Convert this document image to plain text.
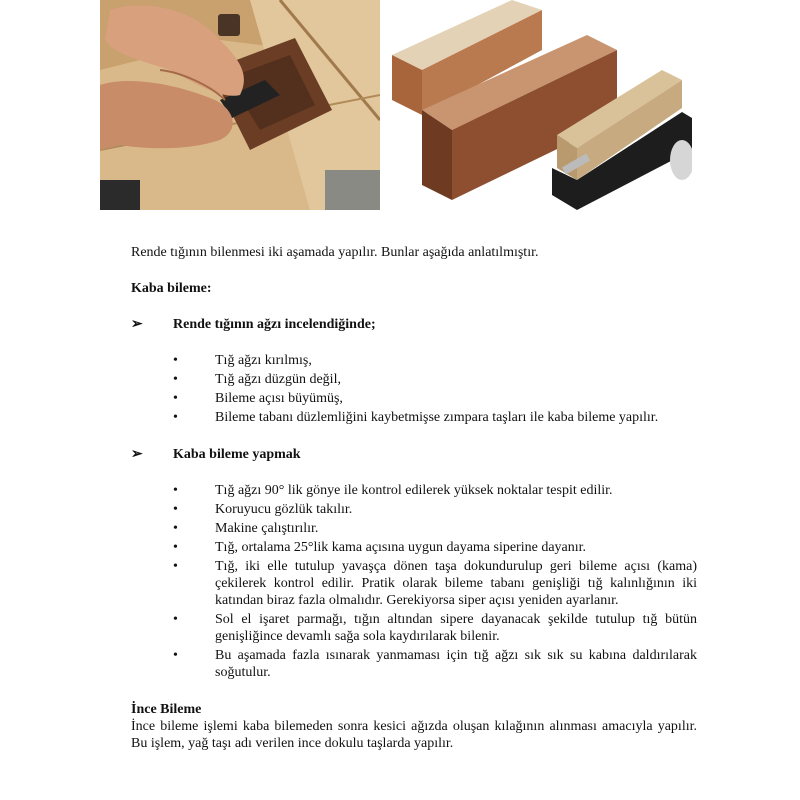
Rende tığının bilenmesi iki aşamada yapılır. Bunlar aşağıda anlatılmıştır.

Kaba bileme:

➢ Rende tığının ağzı incelendiğinde;
• Tığ ağzı kırılmış,
• Tığ ağzı düzgün değil,
• Bileme açısı büyümüş,
• Bileme tabanı düzlemliğini kaybetmişse zımpara taşları ile kaba bileme yapılır.
➢ Kaba bileme yapmak
• Tığ ağzı 90° lik gönye ile kontrol edilerek yüksek noktalar tespit edilir.
• Koruyucu gözlük takılır.
• Makine çalıştırılır.
• Tığ, ortalama 25°lik kama açısına uygun dayama siperine dayanır.
• Tığ, iki elle tutulup yavaşça dönen taşa dokundurulup geri bileme açısı (kama) çekilerek kontrol edilir. Pratik olarak bileme tabanı genişliği tığ kalınlığının iki katından biraz fazla olmalıdır. Gerekiyorsa siper açısı yeniden ayarlanır.
• Sol el işaret parmağı, tığın altından sipere dayanacak şekilde tutulup tığ bütün genişliğince devamlı sağa sola kaydırılarak bilenir.
• Bu aşamada fazla ısınarak yanmaması için tığ ağzı sık sık su kabına daldırılarak soğutulur.

İnce Bileme

İnce bileme işlemi kaba bilemeden sonra kesici ağızda oluşan kılağının alınması amacıyla yapılır. Bu işlem, yağ taşı adı verilen ince dokulu taşlarda yapılır.
